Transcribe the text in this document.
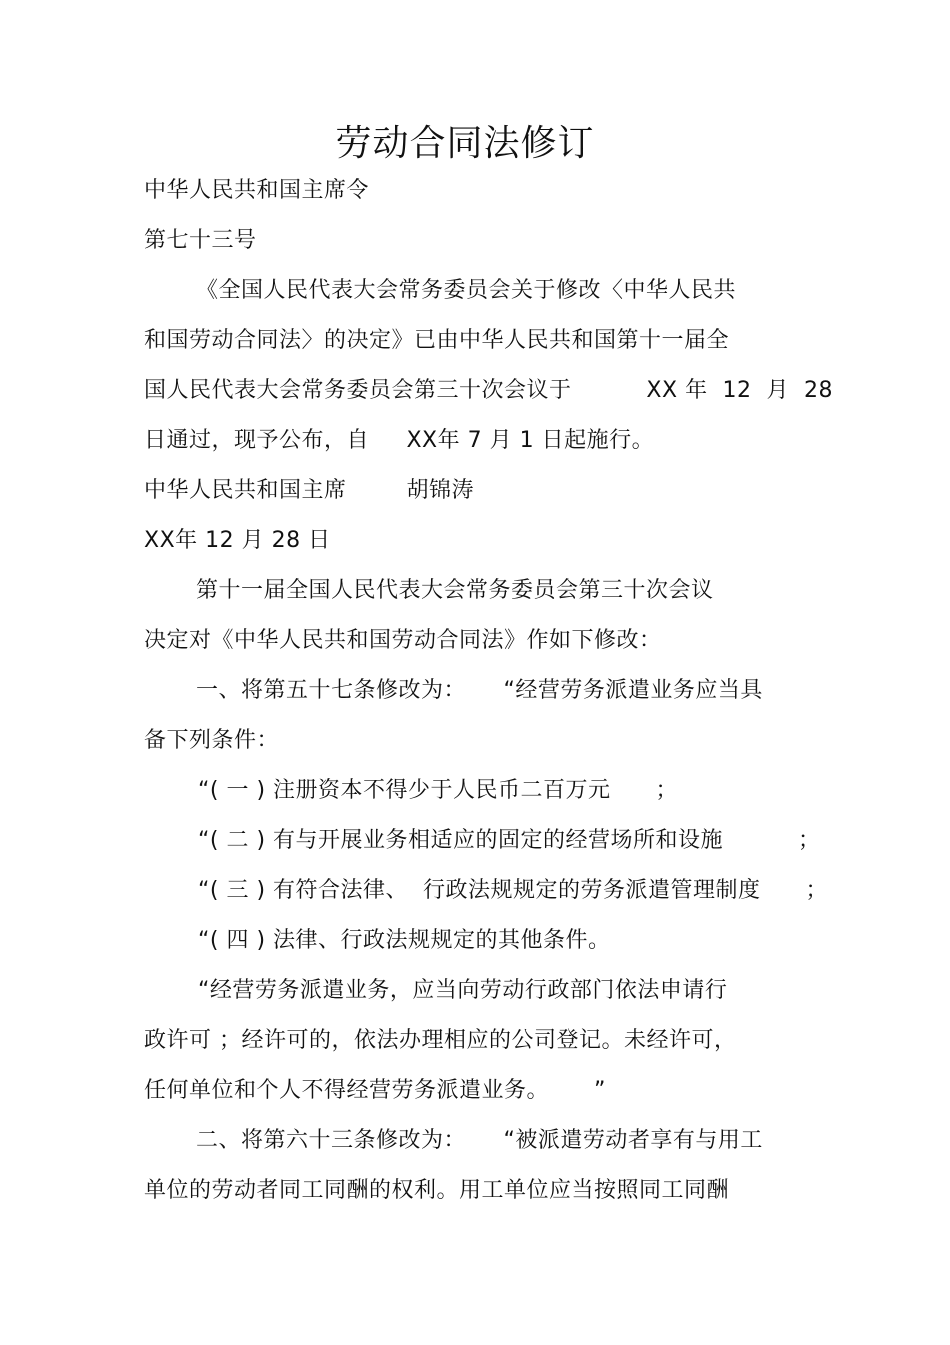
劳动合同法修订
中华人民共和国主席令
第七十三号
《全国人民代表大会常务委员会关于修改〈中华人民共
和国劳动合同法〉的决定》已由中华人民共和国第十一届全
国人民代表大会常务委员会第三十次会议于          XX 年  12  月  28
日通过，现予公布，自     XX年 7 月 1 日起施行。
中华人民共和国主席        胡锦涛
XX年 12 月 28 日
第十一届全国人民代表大会常务委员会第三十次会议
决定对《中华人民共和国劳动合同法》作如下修改：
一、将第五十七条修改为：     “经营劳务派遣业务应当具
备下列条件：
“( 一 ) 注册资本不得少于人民币二百万元      ；
“( 二 ) 有与开展业务相适应的固定的经营场所和设施          ；
“( 三 ) 有符合法律、  行政法规规定的劳务派遣管理制度      ；
“( 四 ) 法律、行政法规规定的其他条件。
“经营劳务派遣业务，应当向劳动行政部门依法申请行
政许可 ；经许可的，依法办理相应的公司登记。未经许可，
任何单位和个人不得经营劳务派遣业务。      ”
二、将第六十三条修改为：     “被派遣劳动者享有与用工
单位的劳动者同工同酬的权利。用工单位应当按照同工同酬
